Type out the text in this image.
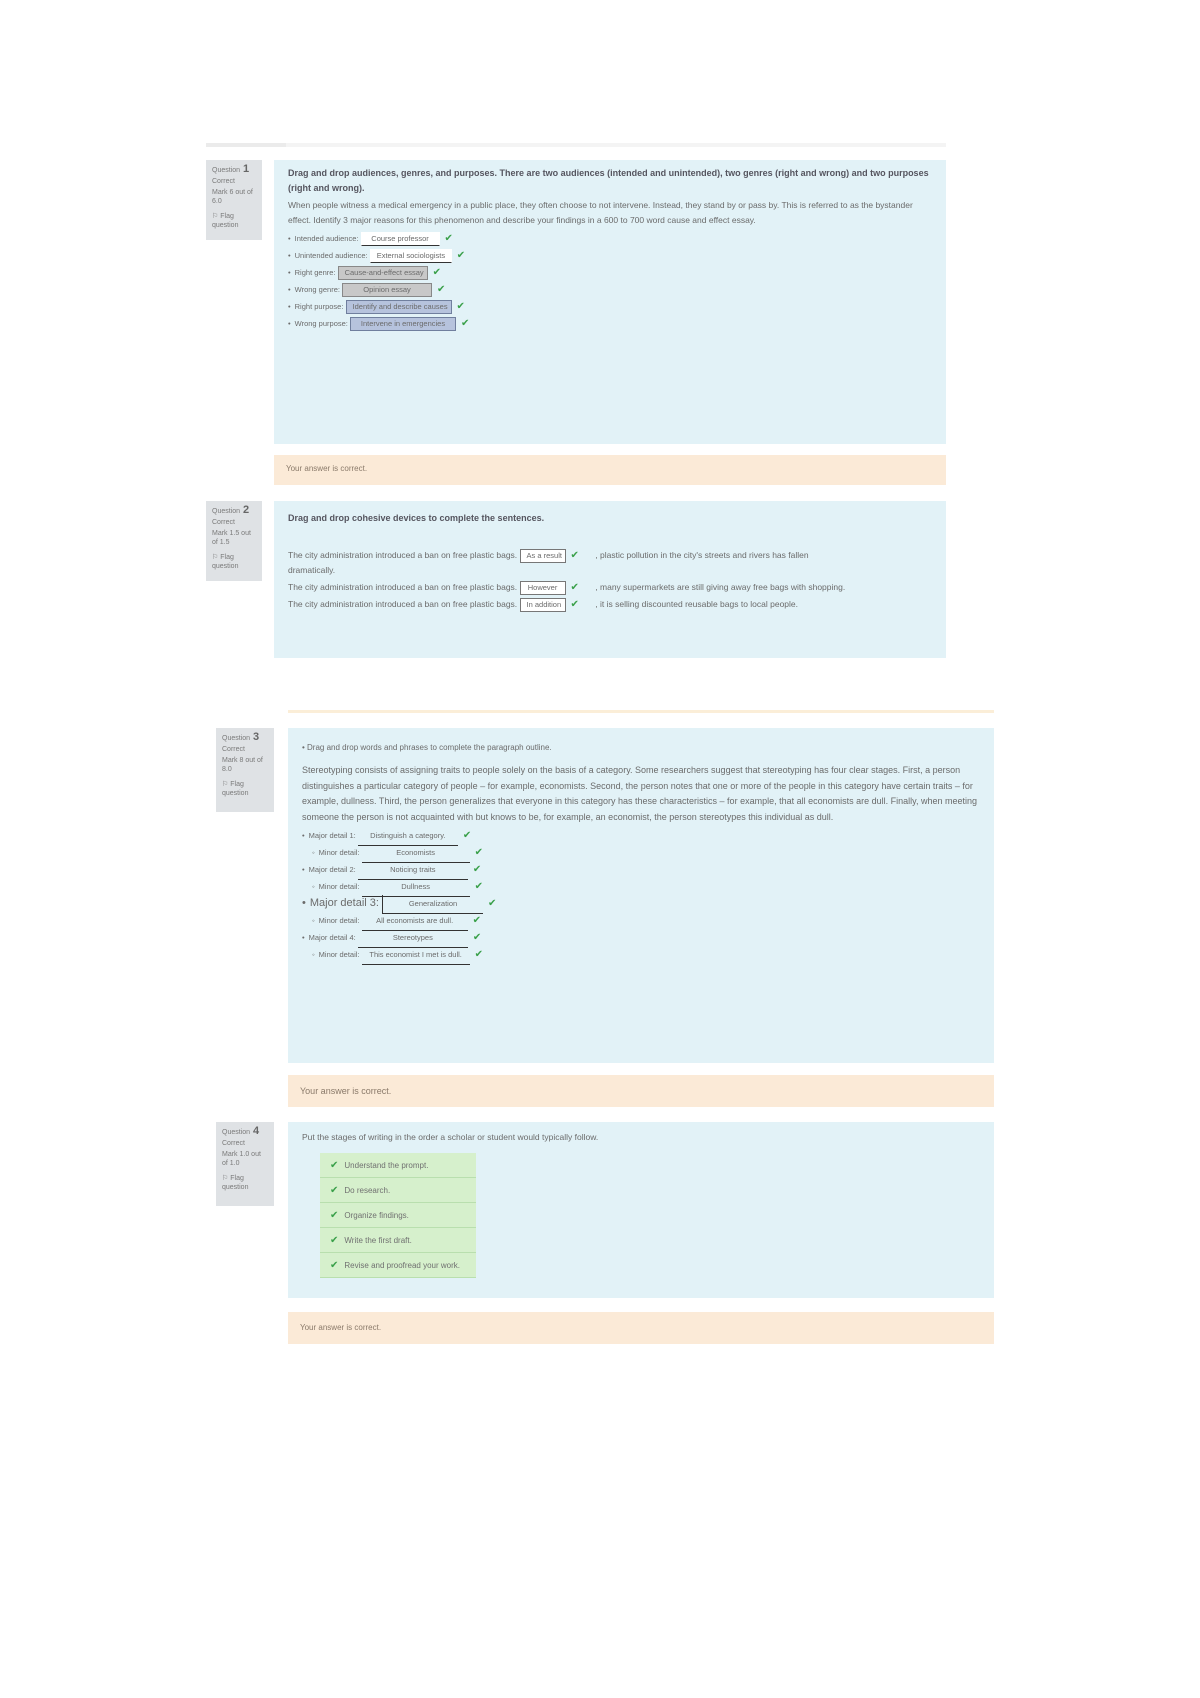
Question 1
Correct
Mark 6 out of 6.0
⚐ Flag question
Drag and drop audiences, genres, and purposes. There are two audiences (intended and unintended), two genres (right and wrong) and two purposes (right and wrong).
When people witness a medical emergency in a public place, they often choose to not intervene. Instead, they stand by or pass by. This is referred to as the bystander effect. Identify 3 major reasons for this phenomenon and describe your findings in a 600 to 700 word cause and effect essay.
• Intended audience: Course professor ✔
• Unintended audience: External sociologists ✔
• Right genre: Cause-and-effect essay ✔
• Wrong genre:	Opinion essay	✔
• Right purpose: Identify and describe causes ✔
• Wrong purpose: Intervene in emergencies ✔
Your answer is correct.
Question 2
Correct
Mark 1.5 out of 1.5
⚐ Flag question
Drag and drop cohesive devices to complete the sentences.
The city administration introduced a ban on free plastic bags. As a result ✔ , plastic pollution in the city's streets and rivers has fallen
dramatically.
The city administration introduced a ban on free plastic bags. However ✔ , many supermarkets are still giving away free bags with shopping.
The city administration introduced a ban on free plastic bags. In addition ✔ , it is selling discounted reusable bags to local people.
Question 3
Correct
Mark 8 out of 8.0
⚐ Flag question
• Drag and drop words and phrases to complete the paragraph outline.
Stereotyping consists of assigning traits to people solely on the basis of a category. Some researchers suggest that stereotyping has four clear stages. First, a person distinguishes a particular category of people – for example, economists. Second, the person notes that one or more of the people in this category have certain traits – for example, dullness. Third, the person generalizes that everyone in this category has these characteristics – for example, that all economists are dull. Finally, when meeting someone the person is not acquainted with but knows to be, for example, an economist, the person stereotypes this individual as dull.
• Major detail 1: Distinguish a category. ✔
◦ Minor detail:	Economists	✔
• Major detail 2:	Noticing traits	✔
◦ Minor detail:	Dullness	✔
• Major detail 3:	Generalization	✔
◦ Minor detail: All economists are dull. ✔
• Major detail 4:	Stereotypes	✔
◦ Minor detail: This economist I met is dull. ✔
Your answer is correct.
Question 4
Correct
Mark 1.0 out of 1.0
⚐ Flag question
Put the stages of writing in the order a scholar or student would typically follow.
✔ Understand the prompt.
✔ Do research.
✔ Organize findings.
✔ Write the first draft.
✔ Revise and proofread your work.
Your answer is correct.
